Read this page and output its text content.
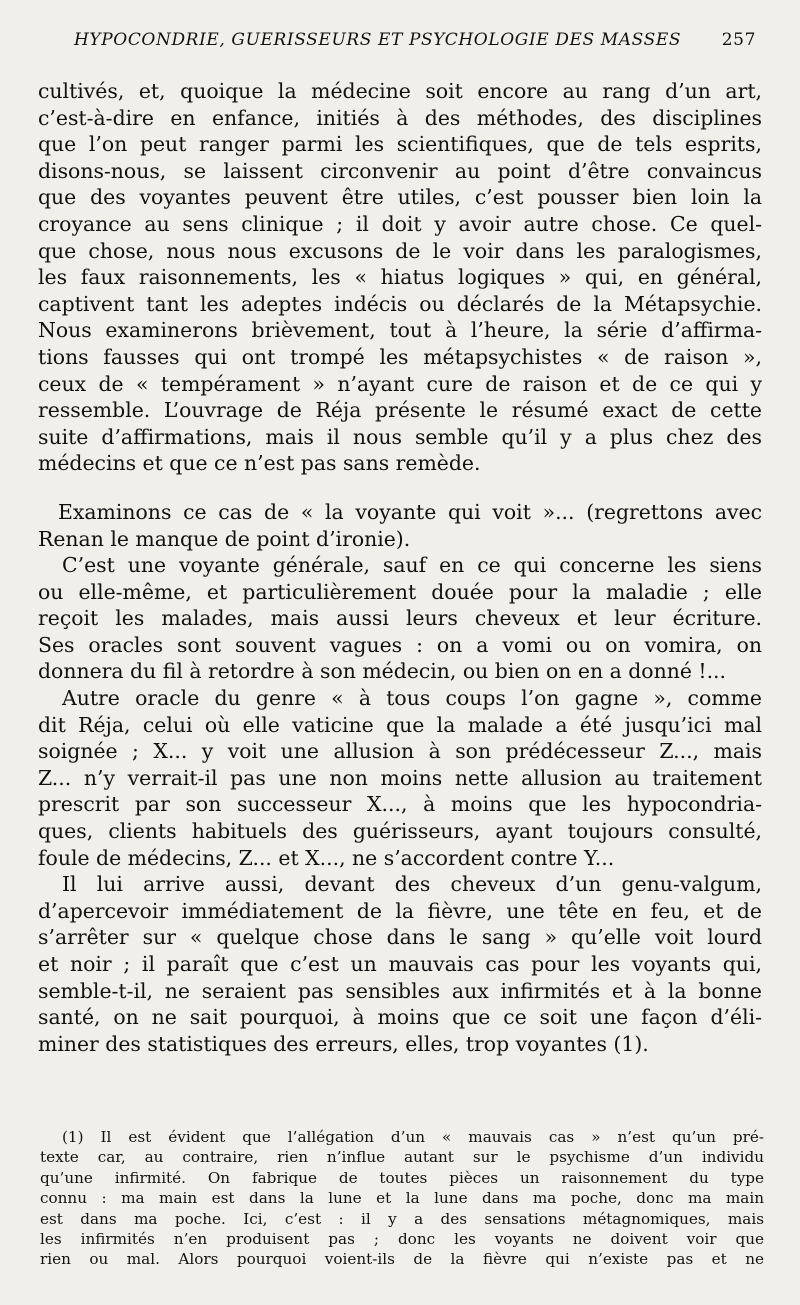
HYPOCONDRIE, GUERISSEURS ET PSYCHOLOGIE DES MASSES 257
cultivés, et, quoique la médecine soit encore au rang d’un art,
c’est-à-dire en enfance, initiés à des méthodes, des disciplines
que l’on peut ranger parmi les scientifiques, que de tels esprits,
disons-nous, se laissent circonvenir au point d’être convaincus
que des voyantes peuvent être utiles, c’est pousser bien loin la
croyance au sens clinique ; il doit y avoir autre chose. Ce quel-
que chose, nous nous excusons de le voir dans les paralogismes,
les faux raisonnements, les « hiatus logiques » qui, en général,
captivent tant les adeptes indécis ou déclarés de la Métapsychie.
Nous examinerons brièvement, tout à l’heure, la série d’affirma-
tions fausses qui ont trompé les métapsychistes « de raison »,
ceux de « tempérament » n’ayant cure de raison et de ce qui y
ressemble. L’ouvrage de Réja présente le résumé exact de cette
suite d’affirmations, mais il nous semble qu’il y a plus chez des
médecins et que ce n’est pas sans remède.
Examinons ce cas de « la voyante qui voit »... (regrettons avec
Renan le manque de point d’ironie).
C’est une voyante générale, sauf en ce qui concerne les siens
ou elle-même, et particulièrement douée pour la maladie ; elle
reçoit les malades, mais aussi leurs cheveux et leur écriture.
Ses oracles sont souvent vagues : on a vomi ou on vomira, on
donnera du fil à retordre à son médecin, ou bien on en a donné !...
Autre oracle du genre « à tous coups l’on gagne », comme
dit Réja, celui où elle vaticine que la malade a été jusqu’ici mal
soignée ; X... y voit une allusion à son prédécesseur Z..., mais
Z... n’y verrait-il pas une non moins nette allusion au traitement
prescrit par son successeur X..., à moins que les hypocondria-
ques, clients habituels des guérisseurs, ayant toujours consulté,
foule de médecins, Z... et X..., ne s’accordent contre Y...
Il lui arrive aussi, devant des cheveux d’un genu-valgum,
d’apercevoir immédiatement de la fièvre, une tête en feu, et de
s’arrêter sur « quelque chose dans le sang » qu’elle voit lourd
et noir ; il paraît que c’est un mauvais cas pour les voyants qui,
semble-t-il, ne seraient pas sensibles aux infirmités et à la bonne
santé, on ne sait pourquoi, à moins que ce soit une façon d’éli-
miner des statistiques des erreurs, elles, trop voyantes (1).
(1) Il est évident que l’allégation d’un « mauvais cas » n’est qu’un pré-
texte car, au contraire, rien n’influe autant sur le psychisme d’un individu
qu’une infirmité. On fabrique de toutes pièces un raisonnement du type
connu : ma main est dans la lune et la lune dans ma poche, donc ma main
est dans ma poche. Ici, c’est : il y a des sensations métagnomiques, mais
les infirmités n’en produisent pas ; donc les voyants ne doivent voir que
rien ou mal. Alors pourquoi voient-ils de la fièvre qui n’existe pas et ne
